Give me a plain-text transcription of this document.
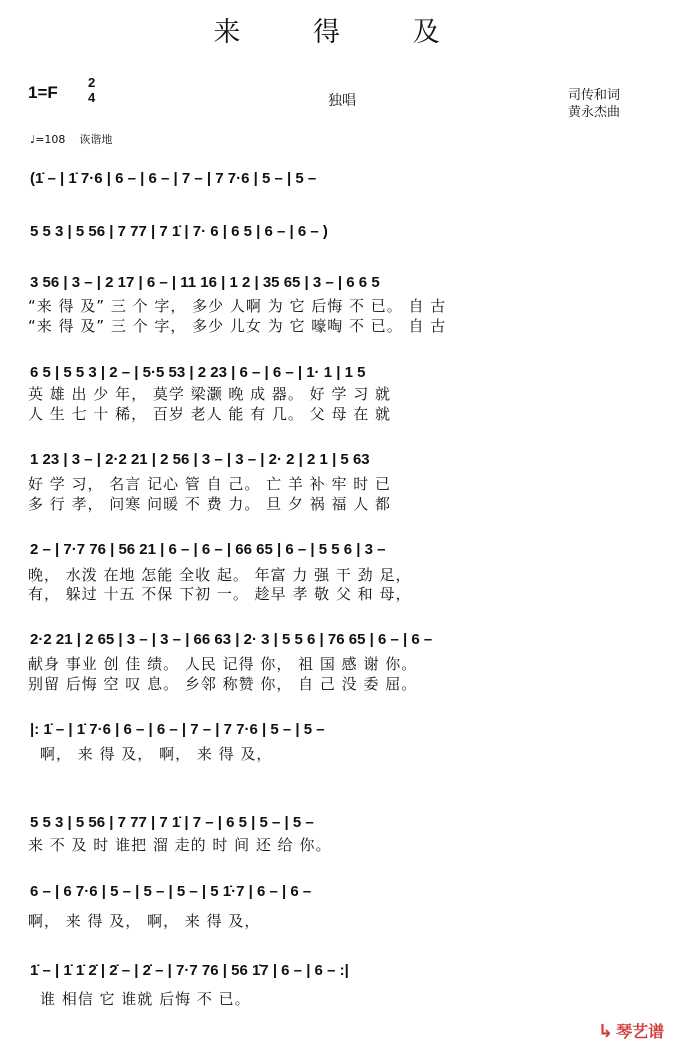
来 得 及
1=F
2
4	独唱	司传和词
黄永杰曲
♩=108 诙谐地
(1̇ – | 1̇ 7·6 | 6 – | 6 – | 7 – | 7 7·6 | 5 – | 5 –
5 5 3 | 5 56 | 7 77 | 7 1̇ | 7· 6 | 6 5 | 6 – | 6 – )
3 56 | 3 – | 2 17 | 6 – | 11 16 | 1 2 | 35 65 | 3 – | 6 6 5
“来 得 及” 三 个 字， 多少 人啊 为 它 后悔 不 已。 自 古
“来 得 及” 三 个 字， 多少 儿女 为 它 嚎啕 不 已。 自 古
6 5 | 5 5 3 | 2 – | 5·5 53 | 2 23 | 6 – | 6 – | 1· 1 | 1 5
英 雄 出 少 年， 莫学 梁灏 晚 成 器。 好 学 习 就
人 生 七 十 稀， 百岁 老人 能 有 几。 父 母 在 就
1 23 | 3 – | 2·2 21 | 2 56 | 3 – | 3 – | 2· 2 | 2 1 | 5 63
好 学 习， 名言 记心 管 自 己。 亡 羊 补 牢 时 已
多 行 孝， 问寒 问暖 不 费 力。 旦 夕 祸 福 人 都
2 – | 7·7 76 | 56 21 | 6 – | 6 – | 66 65 | 6 – | 5 5 6 | 3 –
晚， 水泼 在地 怎能 全收 起。 年富 力 强 干 劲 足，
有， 躲过 十五 不保 下初 一。 趁早 孝 敬 父 和 母，
2·2 21 | 2 65 | 3 – | 3 – | 66 63 | 2· 3 | 5 5 6 | 76 65 | 6 – | 6 –
献身 事业 创 佳 绩。 人民 记得 你， 祖 国 感 谢 你。
别留 后悔 空 叹 息。 乡邻 称赞 你， 自 己 没 委 屈。
|: 1̇ – | 1̇ 7·6 | 6 – | 6 – | 7 – | 7 7·6 | 5 – | 5 –
啊， 来 得 及， 啊， 来 得 及，
5 5 3 | 5 56 | 7 77 | 7 1̇ | 7 – | 6 5 | 5 – | 5 –
来 不 及 时 谁把 溜 走的 时 间 还 给 你。
6 – | 6 7·6 | 5 – | 5 – | 5 – | 5 1̇·7 | 6 – | 6 –
啊， 来 得 及， 啊， 来 得 及，
1̇ – | 1̇ 1̇ 2̇ | 2̇ – | 2̇ – | 7·7 76 | 56 1̇7 | 6 – | 6 – :|
谁 相信 它 谁就 后悔 不 已。
↳ 琴艺谱
